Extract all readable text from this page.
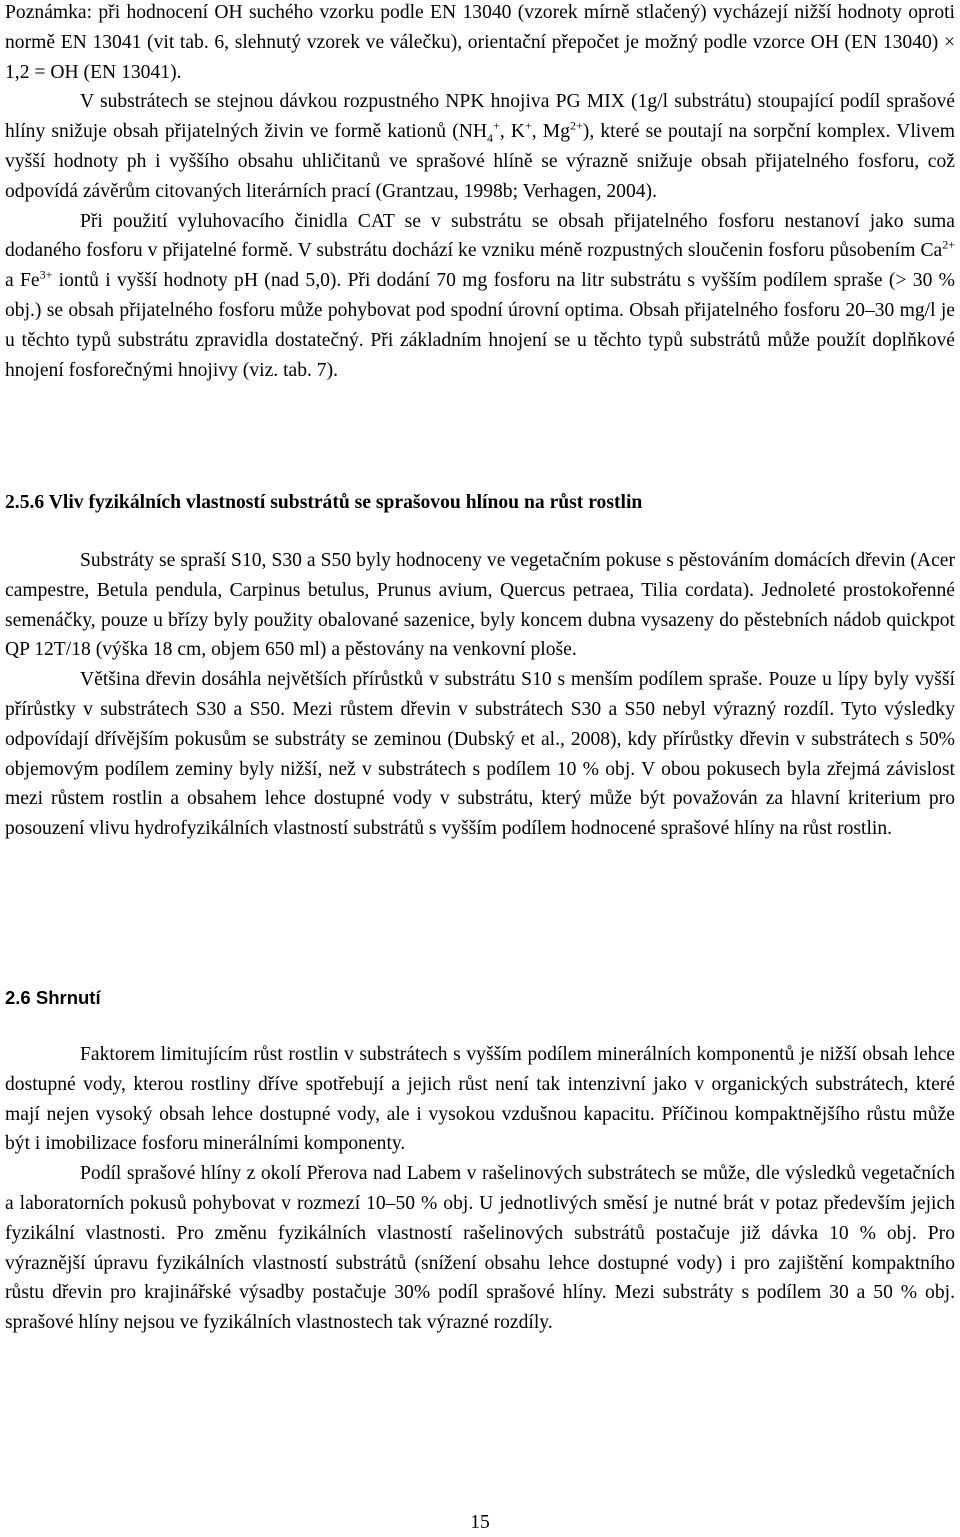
Poznámka: při hodnocení OH suchého vzorku podle EN 13040 (vzorek mírně stlačený) vycházejí nižší hodnoty oproti normě EN 13041 (vit tab. 6, slehnutý vzorek ve válečku), orientační přepočet je možný podle vzorce OH (EN 13040) × 1,2 = OH (EN 13041).

V substrátech se stejnou dávkou rozpustného NPK hnojiva PG MIX (1g/l substrátu) stoupající podíl sprašové hlíny snižuje obsah přijatelných živin ve formě kationů ($NH_4^+$, K+, $Mg^{2+}$), které se poutají na sorpční komplex. Vlivem vyšší hodnoty ph i vyššího obsahu uhličitanů ve sprašové hlíně se výrazně snižuje obsah přijatelného fosforu, což odpovídá závěrům citovaných literárních prací (Grantzau, 1998b; Verhagen, 2004).

Při použití vyluhovacího činidla CAT se v substrátu se obsah přijatelného fosforu nestanoví jako suma dodaného fosforu v přijatelné formě. V substrátu dochází ke vzniku méně rozpustných sloučenin fosforu působením $Ca^{2+}$ a $Fe^{3+}$ iontů i vyšší hodnoty pH (nad 5,0). Při dodání 70 mg fosforu na litr substrátu s vyšším podílem spraše (> 30 % obj.) se obsah přijatelného fosforu může pohybovat pod spodní úrovní optima. Obsah přijatelného fosforu 20–30 mg/l je u těchto typů substrátu zpravidla dostatečný. Při základním hnojení se u těchto typů substrátů může použít doplňkové hnojení fosforečnými hnojivy (viz. tab. 7).

2.5.6 Vliv fyzikálních vlastností substrátů se sprašovou hlínou na růst rostlin

Substráty se spraší S10, S30 a S50 byly hodnoceny ve vegetačním pokuse s pěstováním domácích dřevin (Acer campestre, Betula pendula, Carpinus betulus, Prunus avium, Quercus petraea, Tilia cordata). Jednoleté prostokořenné semenáčky, pouze u břízy byly použity obalované sazenice, byly koncem dubna vysazeny do pěstebních nádob quickpot QP 12T/18 (výška 18 cm, objem 650 ml) a pěstovány na venkovní ploše.

Většina dřevin dosáhla největších přírůstků v substrátu S10 s menším podílem spraše. Pouze u lípy byly vyšší přírůstky v substrátech S30 a S50. Mezi růstem dřevin v substrátech S30 a S50 nebyl výrazný rozdíl. Tyto výsledky odpovídají dřívějším pokusům se substráty se zeminou (Dubský et al., 2008), kdy přírůstky dřevin v substrátech s 50% objemovým podílem zeminy byly nižší, než v substrátech s podílem 10 % obj. V obou pokusech byla zřejmá závislost mezi růstem rostlin a obsahem lehce dostupné vody v substrátu, který může být považován za hlavní kriterium pro posouzení vlivu hydrofyzikálních vlastností substrátů s vyšším podílem hodnocené sprašové hlíny na růst rostlin.

2.6 Shrnutí

Faktorem limitujícím růst rostlin v substrátech s vyšším podílem minerálních komponentů je nižší obsah lehce dostupné vody, kterou rostliny dříve spotřebují a jejich růst není tak intenzivní jako v organických substrátech, které mají nejen vysoký obsah lehce dostupné vody, ale i vysokou vzdušnou kapacitu. Příčinou kompaktnějšího růstu může být i imobilizace fosforu minerálními komponenty.

Podíl sprašové hlíny z okolí Přerova nad Labem v rašelinových substrátech se může, dle výsledků vegetačních a laboratorních pokusů pohybovat v rozmezí 10–50 % obj. U jednotlivých směsí je nutné brát v potaz především jejich fyzikální vlastnosti. Pro změnu fyzikálních vlastností rašelinových substrátů postačuje již dávka 10 % obj. Pro výraznější úpravu fyzikálních vlastností substrátů (snížení obsahu lehce dostupné vody) i pro zajištění kompaktního růstu dřevin pro krajinářské výsadby postačuje 30% podíl sprašové hlíny. Mezi substráty s podílem 30 a 50 % obj. sprašové hlíny nejsou ve fyzikálních vlastnostech tak výrazné rozdíly.

15
